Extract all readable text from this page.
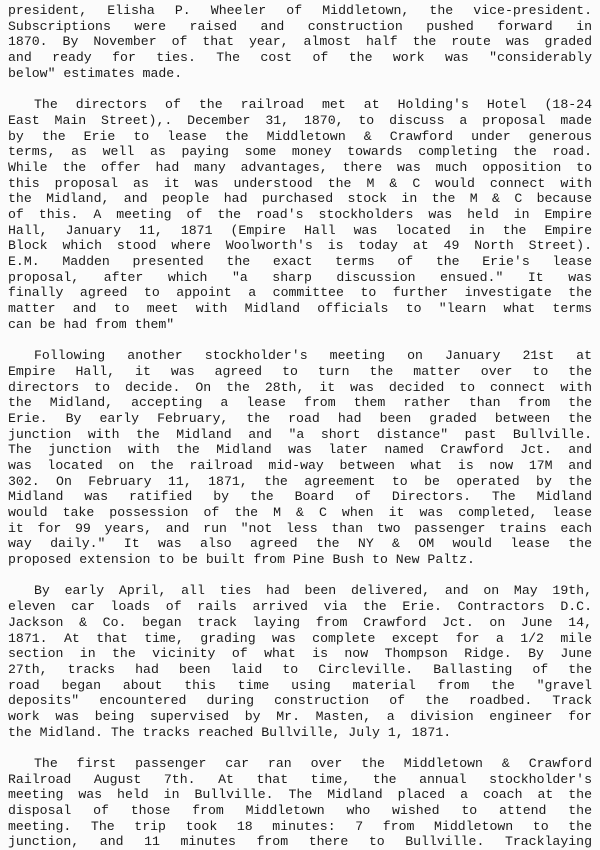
president, Elisha P. Wheeler of Middletown, the vice-president.
Subscriptions were raised and construction pushed forward in
1870. By November of that year, almost half the route was graded
and ready for ties. The cost of the work was "considerably
below" estimates made.
The directors of the railroad met at Holding's Hotel (18-24
East Main Street),. December 31, 1870, to discuss a proposal made
by the Erie to lease the Middletown & Crawford under generous
terms, as well as paying some money towards completing the road.
While the offer had many advantages, there was much opposition to
this proposal as it was understood the M & C would connect with
the Midland, and people had purchased stock in the M & C because
of this. A meeting of the road's stockholders was held in Empire
Hall, January 11, 1871 (Empire Hall was located in the Empire
Block which stood where Woolworth's is today at 49 North Street).
E.M. Madden presented the exact terms of the Erie's lease
proposal, after which "a sharp discussion ensued." It was
finally agreed to appoint a committee to further investigate the
matter and to meet with Midland officials to "learn what terms
can be had from them"
Following another stockholder's meeting on January 21st at
Empire Hall, it was agreed to turn the matter over to the
directors to decide. On the 28th, it was decided to connect with
the Midland, accepting a lease from them rather than from the
Erie. By early February, the road had been graded between the
junction with the Midland and "a short distance" past Bullville.
The junction with the Midland was later named Crawford Jct. and
was located on the railroad mid-way between what is now 17M and
302. On February 11, 1871, the agreement to be operated by the
Midland was ratified by the Board of Directors. The Midland
would take possession of the M & C when it was completed, lease
it for 99 years, and run "not less than two passenger trains each
way daily." It was also agreed the NY & OM would lease the
proposed extension to be built from Pine Bush to New Paltz.
By early April, all ties had been delivered, and on May 19th,
eleven car loads of rails arrived via the Erie. Contractors D.C.
Jackson & Co. began track laying from Crawford Jct. on June 14,
1871. At that time, grading was complete except for a 1/2 mile
section in the vicinity of what is now Thompson Ridge. By June
27th, tracks had been laid to Circleville. Ballasting of the
road began about this time using material from the "gravel
deposits" encountered during construction of the roadbed. Track
work was being supervised by Mr. Masten, a division engineer for
the Midland. The tracks reached Bullville, July 1, 1871.
The first passenger car ran over the Middletown & Crawford
Railroad August 7th. At that time, the annual stockholder's
meeting was held in Bullville. The Midland placed a coach at the
disposal of those from Middletown who wished to attend the
meeting. The trip took 18 minutes: 7 from Middletown to the
junction, and 11 minutes from there to Bullville. Tracklaying
